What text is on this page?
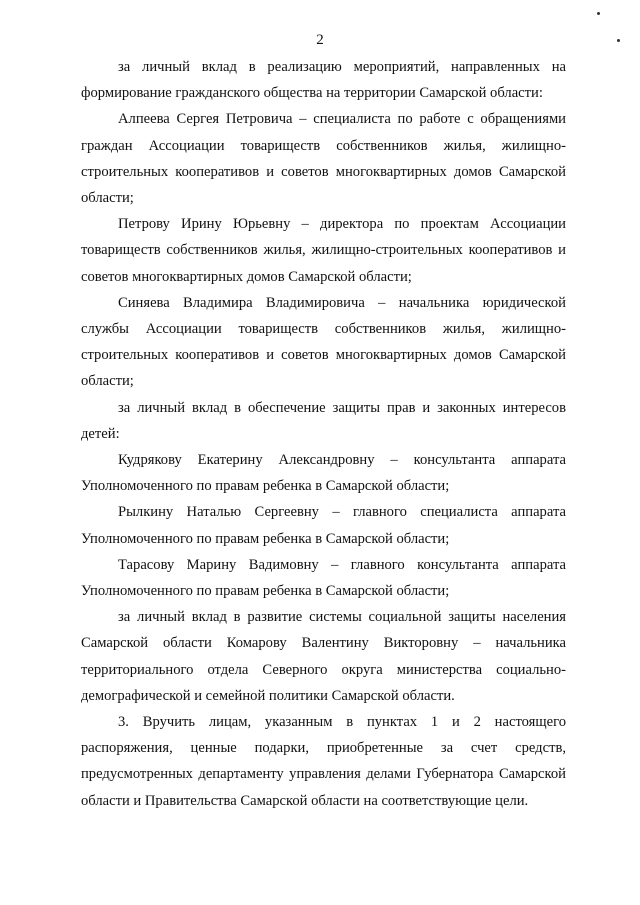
2

за личный вклад в реализацию мероприятий, направленных на формирование гражданского общества на территории Самарской области:

Алпеева Сергея Петровича – специалиста по работе с обращениями граждан Ассоциации товариществ собственников жилья, жилищно-строительных кооперативов и советов многоквартирных домов Самарской области;

Петрову Ирину Юрьевну – директора по проектам Ассоциации товариществ собственников жилья, жилищно-строительных кооперативов и советов многоквартирных домов Самарской области;

Синяева Владимира Владимировича – начальника юридической службы Ассоциации товариществ собственников жилья, жилищно-строительных кооперативов и советов многоквартирных домов Самарской области;

за личный вклад в обеспечение защиты прав и законных интересов детей:

Кудрякову Екатерину Александровну – консультанта аппарата Уполномоченного по правам ребенка в Самарской области;

Рылкину Наталью Сергеевну – главного специалиста аппарата Уполномоченного по правам ребенка в Самарской области;

Тарасову Марину Вадимовну – главного консультанта аппарата Уполномоченного по правам ребенка в Самарской области;

за личный вклад в развитие системы социальной защиты населения Самарской области Комарову Валентину Викторовну – начальника территориального отдела Северного округа министерства социально-демографической и семейной политики Самарской области.

3. Вручить лицам, указанным в пунктах 1 и 2 настоящего распоряжения, ценные подарки, приобретенные за счет средств, предусмотренных департаменту управления делами Губернатора Самарской области и Правительства Самарской области на соответствующие цели.
